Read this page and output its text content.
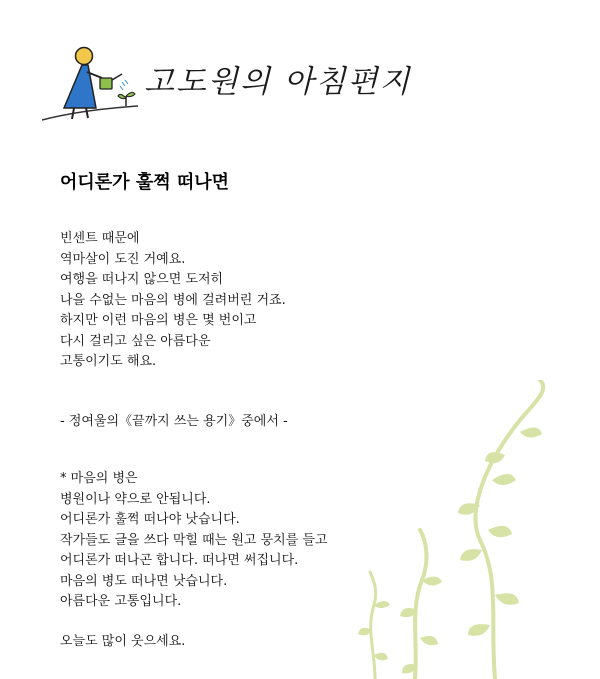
고도원의 아침편지
어디론가 훌쩍 떠나면
빈센트 때문에
역마살이 도진 거예요.
여행을 떠나지 않으면 도저히
나을 수없는 마음의 병에 걸려버린 거죠.
하지만 이런 마음의 병은 몇 번이고
다시 걸리고 싶은 아름다운
고통이기도 해요.

- 정여울의《끝까지 쓰는 용기》중에서 -

* 마음의 병은
병원이나 약으로 안됩니다.
어디론가 훌쩍 떠나야 낫습니다.
작가들도 글을 쓰다 막힐 때는 원고 뭉치를 들고
어디론가 떠나곤 합니다. 떠나면 써집니다.
마음의 병도 떠나면 낫습니다.
아름다운 고통입니다.

오늘도 많이 웃으세요.
